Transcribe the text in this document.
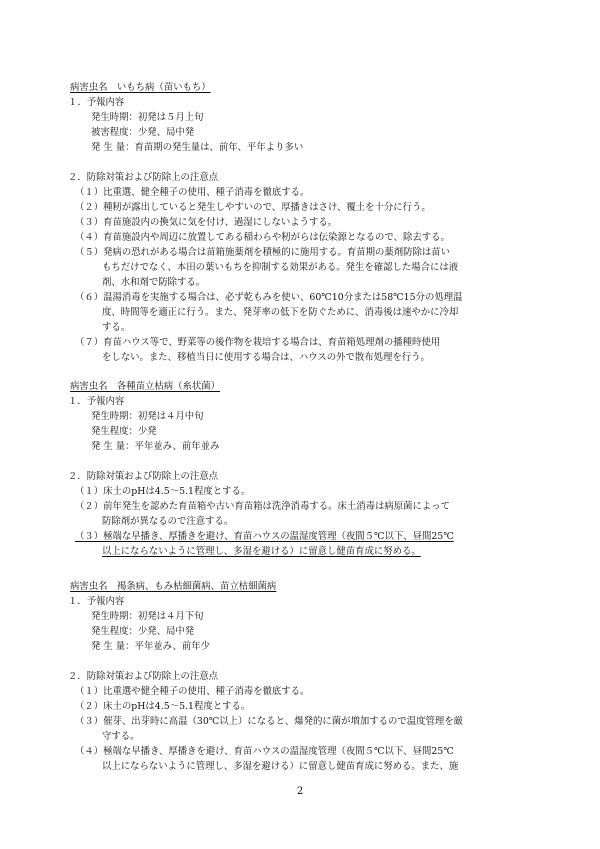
病害虫名　いもち病（苗いもち）
１．予報内容
発生時期：初発は５月上旬
被害程度：少発、局中発
発 生 量：育苗期の発生量は、前年、平年より多い
２．防除対策および防除上の注意点
（１）比重選、健全種子の使用、種子消毒を徹底する。
（２）種籾が露出していると発生しやすいので、厚播きはさけ、覆土を十分に行う。
（３）育苗施設内の換気に気を付け、過湿にしないようする。
（４）育苗施設内や周辺に放置してある稲わらや籾がらは伝染源となるので、除去する。
（５）発病の恐れがある場合は苗箱施薬剤を積極的に施用する。育苗期の薬剤防除は苗い
もちだけでなく、本田の葉いもちを抑制する効果がある。発生を確認した場合には液
剤、水和剤で防除する。
（６）温湯消毒を実施する場合は、必ず乾もみを使い、60℃10分または58℃15分の処理温
度、時間等を適正に行う。また、発芽率の低下を防ぐために、消毒後は速やかに冷却
する。
（７）育苗ハウス等で、野菜等の後作物を栽培する場合は、育苗箱処理剤の播種時使用
をしない。また、移植当日に使用する場合は、ハウスの外で散布処理を行う。
病害虫名　各種苗立枯病（糸状菌）
１．予報内容
発生時期：初発は４月中旬
発生程度：少発
発 生 量：平年並み、前年並み
２．防除対策および防除上の注意点
（１）床土のpHは4.5～5.1程度とする。
（２）前年発生を認めた育苗箱や古い育苗箱は洗浄消毒する。床土消毒は病原菌によって
防除剤が異なるので注意する。
（３）極端な早播き、厚播きを避け、育苗ハウスの温湿度管理（夜間５℃以下、昼間25℃
以上にならないように管理し、多湿を避ける）に留意し健苗育成に努める。
病害虫名　褐条病、もみ枯細菌病、苗立枯細菌病
１．予報内容
発生時期：初発は４月下旬
発生程度：少発、局中発
発 生 量：平年並み、前年少
２．防除対策および防除上の注意点
（１）比重選や健全種子の使用、種子消毒を徹底する。
（２）床土のpHは4.5～5.1程度とする。
（３）催芽、出芽時に高温（30℃以上）になると、爆発的に菌が増加するので温度管理を厳
守する。
（４）極端な早播き、厚播きを避け、育苗ハウスの温湿度管理（夜間５℃以下、昼間25℃
以上にならないように管理し、多湿を避ける）に留意し健苗育成に努める。また、施
2
